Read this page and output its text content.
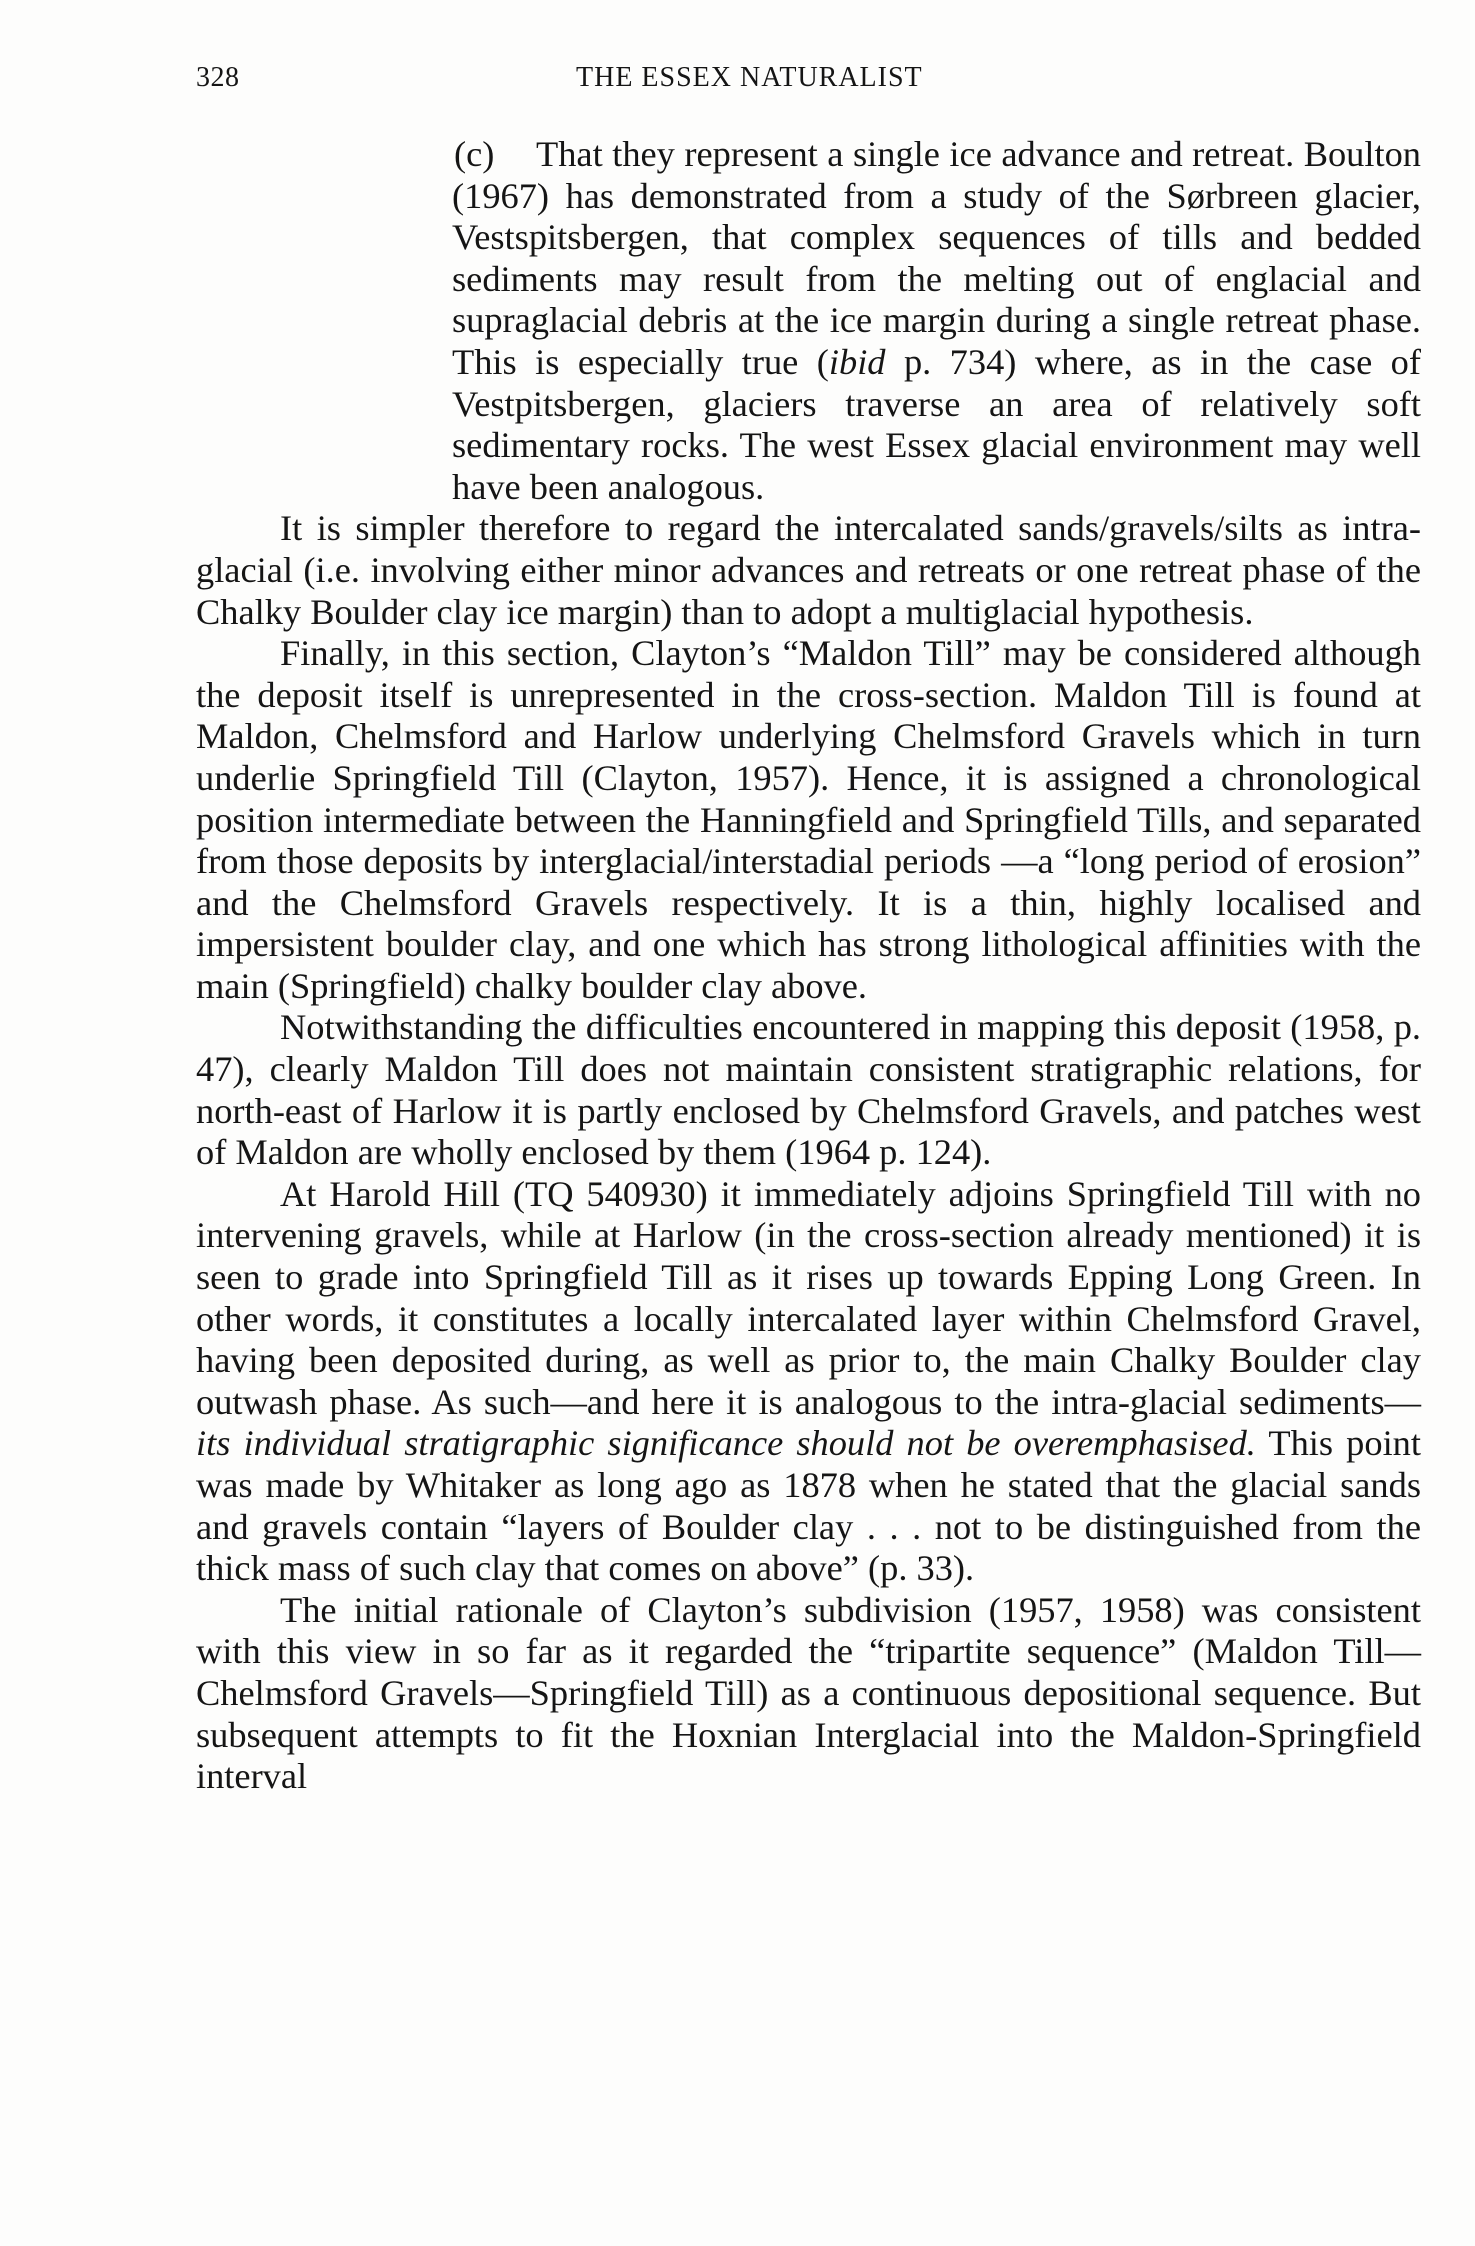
328	THE ESSEX NATURALIST

(c) That they represent a single ice advance and retreat. Boulton (1967) has demonstrated from a study of the Sørbreen glacier, Vestspitsbergen, that complex sequences of tills and bedded sediments may result from the melting out of englacial and supraglacial debris at the ice margin during a single retreat phase. This is especially true (ibid p. 734) where, as in the case of Vestpitsbergen, glaciers traverse an area of relatively soft sedimentary rocks. The west Essex glacial environment may well have been analogous.

It is simpler therefore to regard the intercalated sands/gravels/silts as intra-glacial (i.e. involving either minor advances and retreats or one retreat phase of the Chalky Boulder clay ice margin) than to adopt a multiglacial hypothesis.

Finally, in this section, Clayton’s “Maldon Till” may be considered although the deposit itself is unrepresented in the cross-section. Maldon Till is found at Maldon, Chelmsford and Harlow underlying Chelmsford Gravels which in turn underlie Springfield Till (Clayton, 1957). Hence, it is assigned a chronological position intermediate between the Hanningfield and Springfield Tills, and separated from those deposits by interglacial/interstadial periods —a “long period of erosion” and the Chelmsford Gravels respectively. It is a thin, highly localised and impersistent boulder clay, and one which has strong lithological affinities with the main (Springfield) chalky boulder clay above.

Notwithstanding the difficulties encountered in mapping this deposit (1958, p. 47), clearly Maldon Till does not maintain consistent stratigraphic relations, for north-east of Harlow it is partly enclosed by Chelmsford Gravels, and patches west of Maldon are wholly enclosed by them (1964 p. 124).

At Harold Hill (TQ 540930) it immediately adjoins Springfield Till with no intervening gravels, while at Harlow (in the cross-section already mentioned) it is seen to grade into Springfield Till as it rises up towards Epping Long Green. In other words, it constitutes a locally intercalated layer within Chelmsford Gravel, having been deposited during, as well as prior to, the main Chalky Boulder clay outwash phase. As such—and here it is analogous to the intra-glacial sediments—its individual stratigraphic significance should not be overemphasised. This point was made by Whitaker as long ago as 1878 when he stated that the glacial sands and gravels contain “layers of Boulder clay . . . not to be distinguished from the thick mass of such clay that comes on above” (p. 33).

The initial rationale of Clayton’s subdivision (1957, 1958) was consistent with this view in so far as it regarded the “tripartite sequence” (Maldon Till—Chelmsford Gravels—Springfield Till) as a continuous depositional sequence. But subsequent attempts to fit the Hoxnian Interglacial into the Maldon-Springfield interval
